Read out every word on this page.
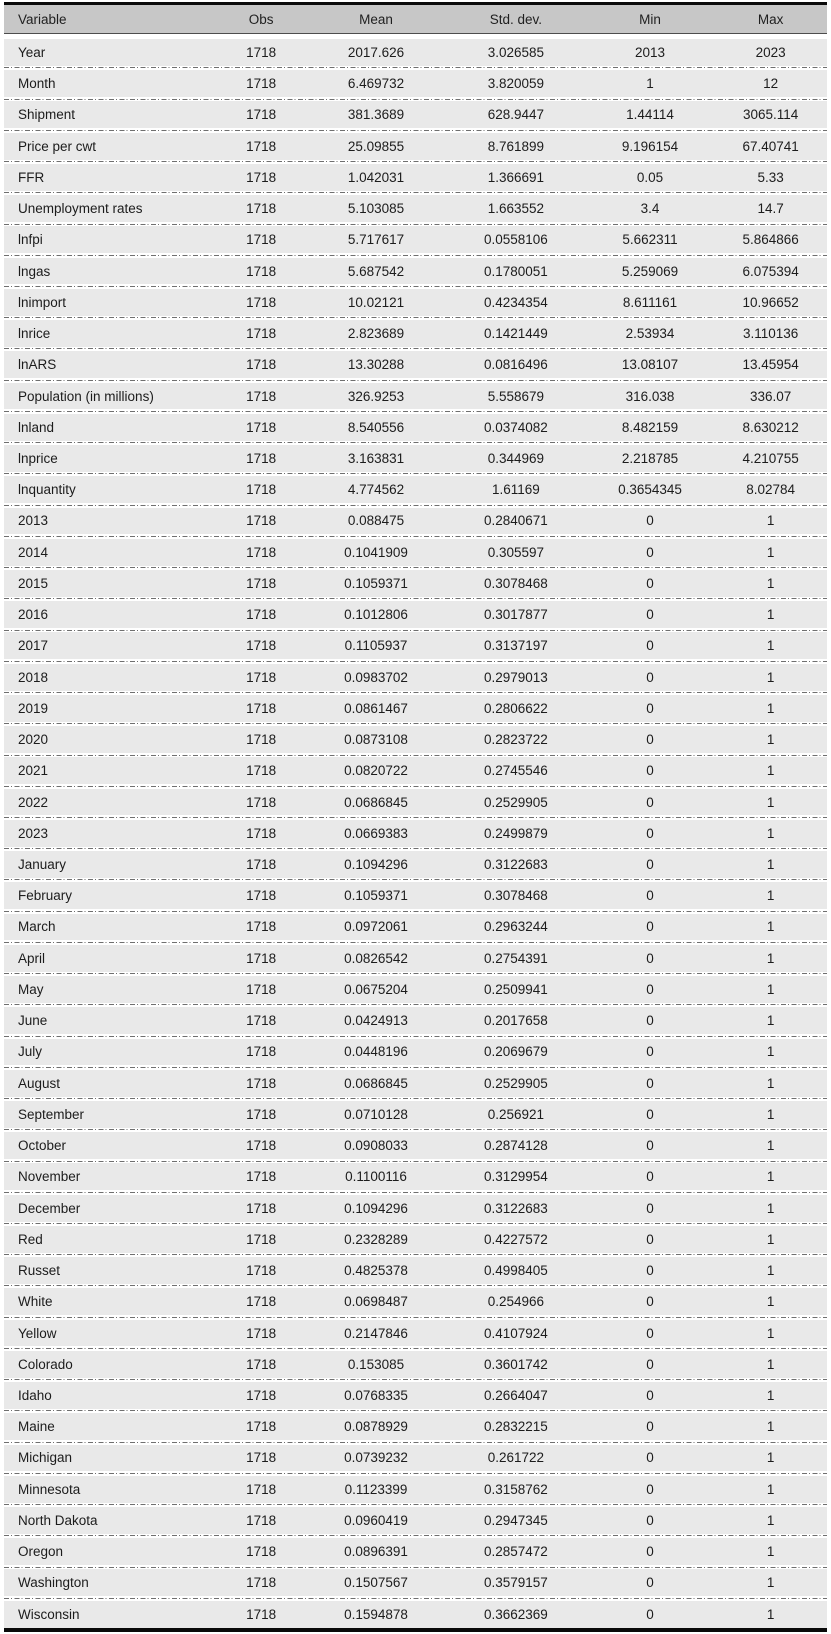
Variable	Obs	Mean	Std. dev.	Min	Max
Year	1718	2017.626	3.026585	2013	2023
Month	1718	6.469732	3.820059	1	12
Shipment	1718	381.3689	628.9447	1.44114	3065.114
Price per cwt	1718	25.09855	8.761899	9.196154	67.40741
FFR	1718	1.042031	1.366691	0.05	5.33
Unemployment rates	1718	5.103085	1.663552	3.4	14.7
lnfpi	1718	5.717617	0.0558106	5.662311	5.864866
lngas	1718	5.687542	0.1780051	5.259069	6.075394
lnimport	1718	10.02121	0.4234354	8.611161	10.96652
lnrice	1718	2.823689	0.1421449	2.53934	3.110136
lnARS	1718	13.30288	0.0816496	13.08107	13.45954
Population (in millions)	1718	326.9253	5.558679	316.038	336.07
lnland	1718	8.540556	0.0374082	8.482159	8.630212
lnprice	1718	3.163831	0.344969	2.218785	4.210755
lnquantity	1718	4.774562	1.61169	0.3654345	8.02784
2013	1718	0.088475	0.2840671	0	1
2014	1718	0.1041909	0.305597	0	1
2015	1718	0.1059371	0.3078468	0	1
2016	1718	0.1012806	0.3017877	0	1
2017	1718	0.1105937	0.3137197	0	1
2018	1718	0.0983702	0.2979013	0	1
2019	1718	0.0861467	0.2806622	0	1
2020	1718	0.0873108	0.2823722	0	1
2021	1718	0.0820722	0.2745546	0	1
2022	1718	0.0686845	0.2529905	0	1
2023	1718	0.0669383	0.2499879	0	1
January	1718	0.1094296	0.3122683	0	1
February	1718	0.1059371	0.3078468	0	1
March	1718	0.0972061	0.2963244	0	1
April	1718	0.0826542	0.2754391	0	1
May	1718	0.0675204	0.2509941	0	1
June	1718	0.0424913	0.2017658	0	1
July	1718	0.0448196	0.2069679	0	1
August	1718	0.0686845	0.2529905	0	1
September	1718	0.0710128	0.256921	0	1
October	1718	0.0908033	0.2874128	0	1
November	1718	0.1100116	0.3129954	0	1
December	1718	0.1094296	0.3122683	0	1
Red	1718	0.2328289	0.4227572	0	1
Russet	1718	0.4825378	0.4998405	0	1
White	1718	0.0698487	0.254966	0	1
Yellow	1718	0.2147846	0.4107924	0	1
Colorado	1718	0.153085	0.3601742	0	1
Idaho	1718	0.0768335	0.2664047	0	1
Maine	1718	0.0878929	0.2832215	0	1
Michigan	1718	0.0739232	0.261722	0	1
Minnesota	1718	0.1123399	0.3158762	0	1
North Dakota	1718	0.0960419	0.2947345	0	1
Oregon	1718	0.0896391	0.2857472	0	1
Washington	1718	0.1507567	0.3579157	0	1
Wisconsin	1718	0.1594878	0.3662369	0	1
